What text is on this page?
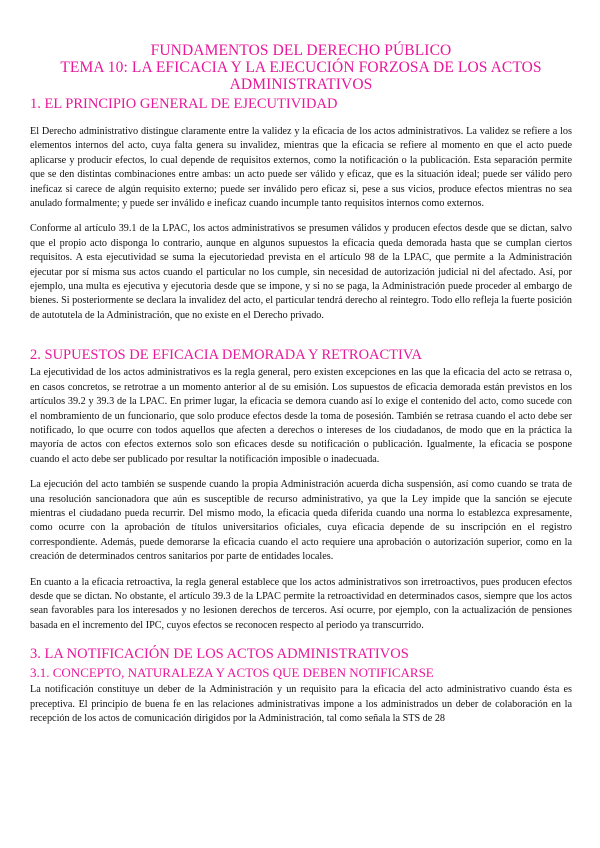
FUNDAMENTOS DEL DERECHO PÚBLICO
TEMA 10: LA EFICACIA Y LA EJECUCIÓN FORZOSA DE LOS ACTOS ADMINISTRATIVOS
1. EL PRINCIPIO GENERAL DE EJECUTIVIDAD

El Derecho administrativo distingue claramente entre la validez y la eficacia de los actos administrativos. La validez se refiere a los elementos internos del acto, cuya falta genera su invalidez, mientras que la eficacia se refiere al momento en que el acto puede aplicarse y producir efectos, lo cual depende de requisitos externos, como la notificación o la publicación. Esta separación permite que se den distintas combinaciones entre ambas: un acto puede ser válido y eficaz, que es la situación ideal; puede ser válido pero ineficaz si carece de algún requisito externo; puede ser inválido pero eficaz si, pese a sus vicios, produce efectos mientras no sea anulado formalmente; y puede ser inválido e ineficaz cuando incumple tanto requisitos internos como externos.

Conforme al artículo 39.1 de la LPAC, los actos administrativos se presumen válidos y producen efectos desde que se dictan, salvo que el propio acto disponga lo contrario, aunque en algunos supuestos la eficacia queda demorada hasta que se cumplan ciertos requisitos. A esta ejecutividad se suma la ejecutoriedad prevista en el artículo 98 de la LPAC, que permite a la Administración ejecutar por sí misma sus actos cuando el particular no los cumple, sin necesidad de autorización judicial ni del afectado. Así, por ejemplo, una multa es ejecutiva y ejecutoria desde que se impone, y si no se paga, la Administración puede proceder al embargo de bienes. Si posteriormente se declara la invalidez del acto, el particular tendrá derecho al reintegro. Todo ello refleja la fuerte posición de autotutela de la Administración, que no existe en el Derecho privado.

2. SUPUESTOS DE EFICACIA DEMORADA Y RETROACTIVA

La ejecutividad de los actos administrativos es la regla general, pero existen excepciones en las que la eficacia del acto se retrasa o, en casos concretos, se retrotrae a un momento anterior al de su emisión. Los supuestos de eficacia demorada están previstos en los artículos 39.2 y 39.3 de la LPAC. En primer lugar, la eficacia se demora cuando así lo exige el contenido del acto, como sucede con el nombramiento de un funcionario, que solo produce efectos desde la toma de posesión. También se retrasa cuando el acto debe ser notificado, lo que ocurre con todos aquellos que afecten a derechos o intereses de los ciudadanos, de modo que en la práctica la mayoría de actos con efectos externos solo son eficaces desde su notificación o publicación. Igualmente, la eficacia se pospone cuando el acto debe ser publicado por resultar la notificación imposible o inadecuada.

La ejecución del acto también se suspende cuando la propia Administración acuerda dicha suspensión, así como cuando se trata de una resolución sancionadora que aún es susceptible de recurso administrativo, ya que la Ley impide que la sanción se ejecute mientras el ciudadano pueda recurrir. Del mismo modo, la eficacia queda diferida cuando una norma lo establezca expresamente, como ocurre con la aprobación de títulos universitarios oficiales, cuya eficacia depende de su inscripción en el registro correspondiente. Además, puede demorarse la eficacia cuando el acto requiere una aprobación o autorización superior, como en la creación de determinados centros sanitarios por parte de entidades locales.

En cuanto a la eficacia retroactiva, la regla general establece que los actos administrativos son irretroactivos, pues producen efectos desde que se dictan. No obstante, el artículo 39.3 de la LPAC permite la retroactividad en determinados casos, siempre que los actos sean favorables para los interesados y no lesionen derechos de terceros. Así ocurre, por ejemplo, con la actualización de pensiones basada en el incremento del IPC, cuyos efectos se reconocen respecto al periodo ya transcurrido.

3. LA NOTIFICACIÓN DE LOS ACTOS ADMINISTRATIVOS
3.1. CONCEPTO, NATURALEZA Y ACTOS QUE DEBEN NOTIFICARSE

La notificación constituye un deber de la Administración y un requisito para la eficacia del acto administrativo cuando ésta es preceptiva. El principio de buena fe en las relaciones administrativas impone a los administrados un deber de colaboración en la recepción de los actos de comunicación dirigidos por la Administración, tal como señala la STS de 28
